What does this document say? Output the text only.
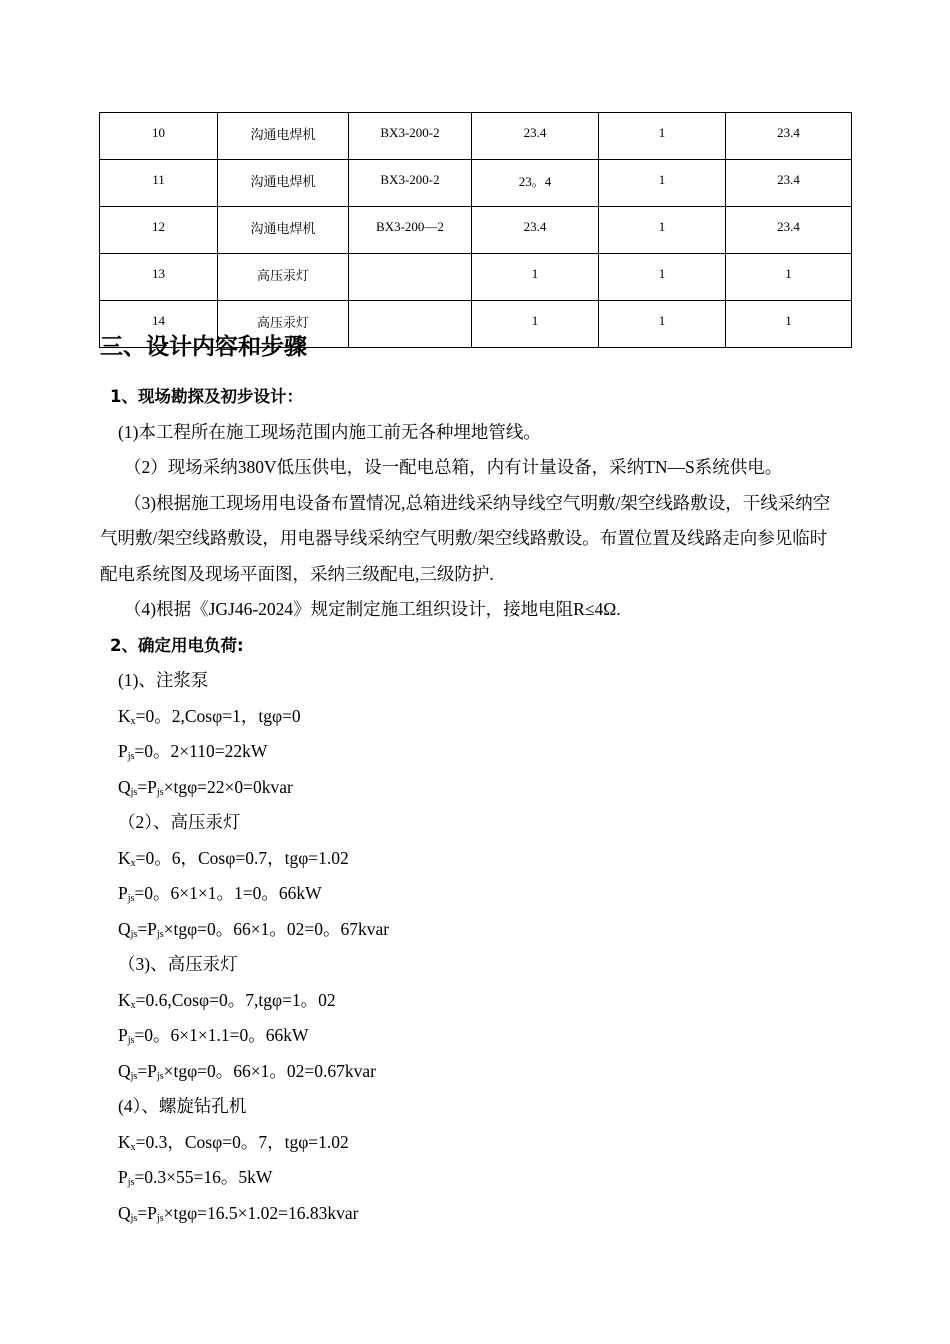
10	沟通电焊机	BX3-200-2	23.4	1	23.4
11	沟通电焊机	BX3-200-2	23。4	1	23.4
12	沟通电焊机	BX3-200—2	23.4	1	23.4
13	高压汞灯		1	1	1
14	高压汞灯		1	1	1
三、设计内容和步骤
1、现场勘探及初步设计：
(1)本工程所在施工现场范围内施工前无各种埋地管线。
（2）现场采纳380V低压供电，设一配电总箱，内有计量设备，采纳TN—S系统供电。
（3)根据施工现场用电设备布置情况,总箱进线采纳导线空气明敷/架空线路敷设，干线采纳空气明敷/架空线路敷设，用电器导线采纳空气明敷/架空线路敷设。布置位置及线路走向参见临时配电系统图及现场平面图，采纳三级配电,三级防护.
（4)根据《JGJ46-2024》规定制定施工组织设计，接地电阻R≤4Ω.
2、确定用电负荷:
(1)、注浆泵
$K_x=0$。2,Cosφ=1，tgφ=0
$P_{js}=0$。2×110=22kW
$Q_{js}=P_{js}\times tg\varphi=22\times 0=0kvar$
（2）、高压汞灯
$K_x=0$。6，Cosφ=0.7，tgφ=1.02
$P_{js}=0$。6×1×1。1=0。66kW
$Q_{js}=P_{js}\times tg\varphi=0$。66×1。02=0。67kvar
（3)、高压汞灯
$K_x=0.6,Cos\varphi=0$。7,tgφ=1。02
$P_{js}=0$。6×1×1.1=0。66kW
$Q_{js}=P_{js}\times tg\varphi=0$。66×1。02=0.67kvar
(4）、螺旋钻孔机
$K_x=0.3$，Cosφ=0。7，tgφ=1.02
$P_{js}=0.3\times 55=16$。5kW
$Q_{js}=P_{js}\times tg\varphi=16.5\times 1.02=16.83kvar$
